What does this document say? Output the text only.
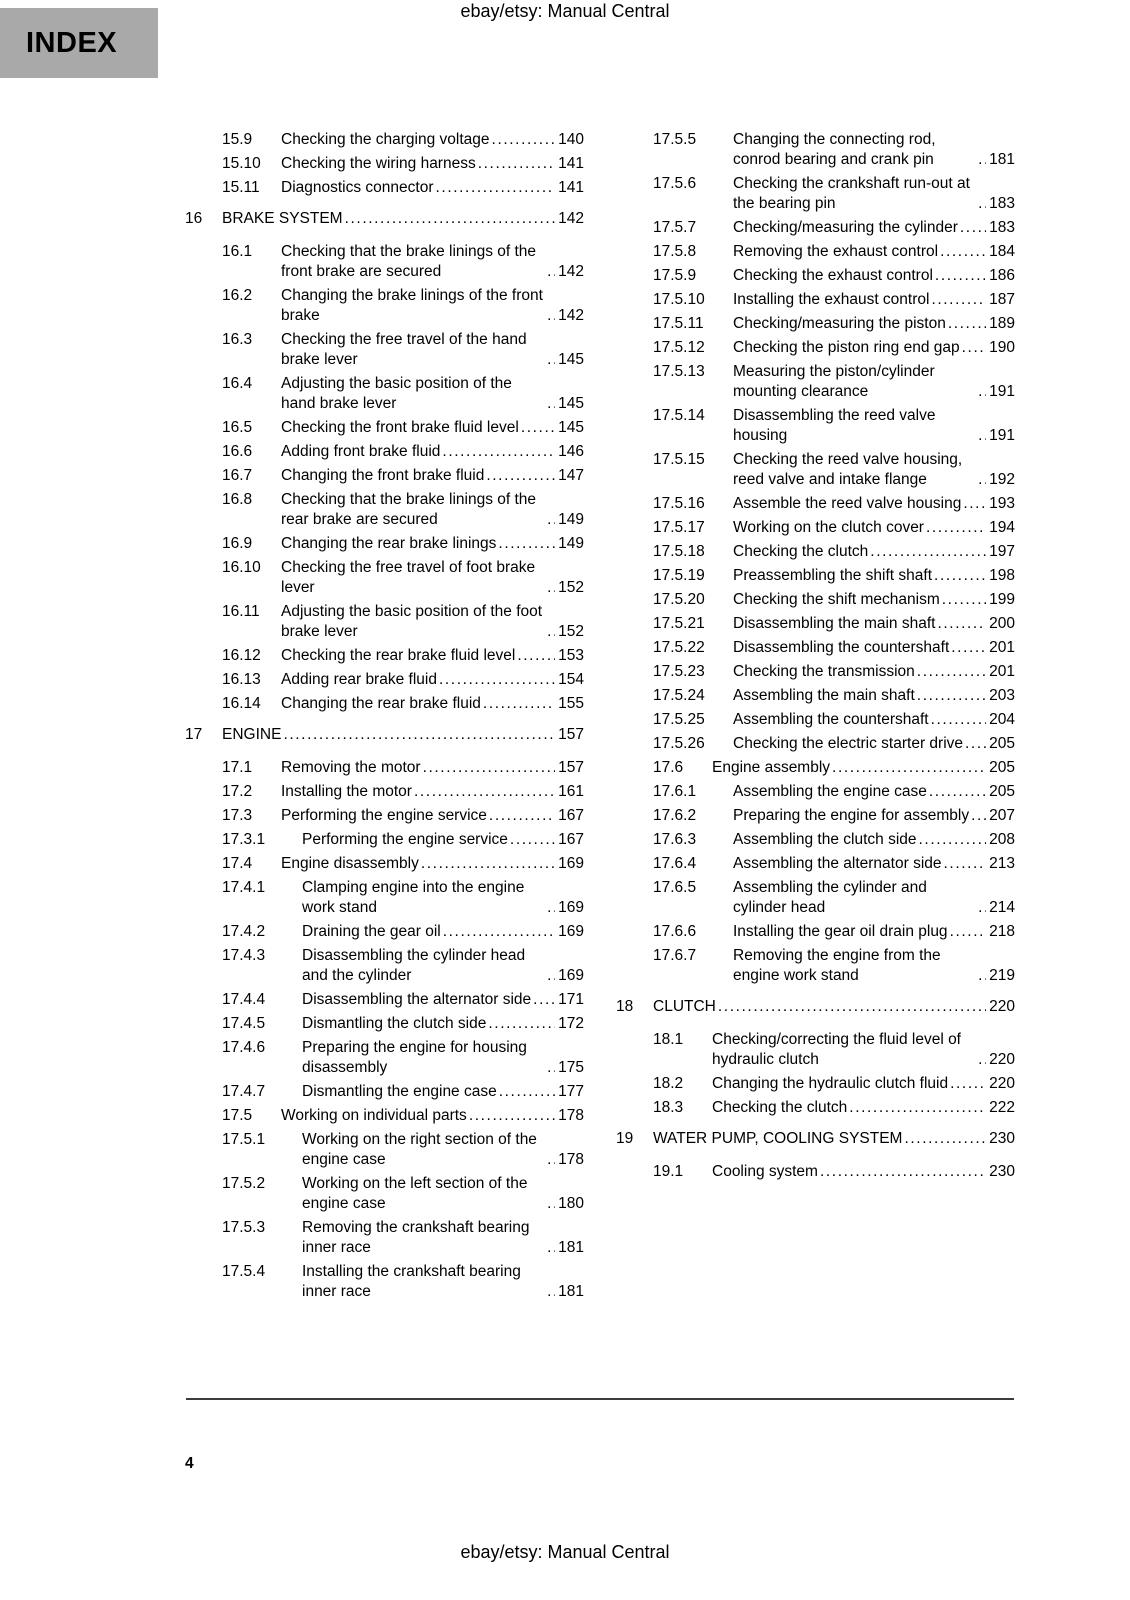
ebay/etsy: Manual Central
INDEX
15.9	Checking the charging voltage .....	140
15.10	Checking the wiring harness .....	141
15.11	Diagnostics connector .....	141
16	BRAKE SYSTEM .....	142
16.1	Checking that the brake linings of the front brake are secured .....	142
16.2	Changing the brake linings of the front brake .....	142
16.3	Checking the free travel of the hand brake lever .....	145
16.4	Adjusting the basic position of the hand brake lever .....	145
16.5	Checking the front brake fluid level .....	145
16.6	Adding front brake fluid .....	146
16.7	Changing the front brake fluid .....	147
16.8	Checking that the brake linings of the rear brake are secured .....	149
16.9	Changing the rear brake linings .....	149
16.10	Checking the free travel of foot brake lever .....	152
16.11	Adjusting the basic position of the foot brake lever .....	152
16.12	Checking the rear brake fluid level .....	153
16.13	Adding rear brake fluid .....	154
16.14	Changing the rear brake fluid .....	155
17	ENGINE .....	157
17.1	Removing the motor .....	157
17.2	Installing the motor .....	161
17.3	Performing the engine service .....	167
17.3.1	Performing the engine service .....	167
17.4	Engine disassembly .....	169
17.4.1	Clamping engine into the engine work stand .....	169
17.4.2	Draining the gear oil .....	169
17.4.3	Disassembling the cylinder head and the cylinder .....	169
17.4.4	Disassembling the alternator side ..... 171
17.4.5	Dismantling the clutch side .....	172
17.4.6	Preparing the engine for housing disassembly .....	175
17.4.7	Dismantling the engine case .....	177
17.5	Working on individual parts .....	178
17.5.1	Working on the right section of the engine case .....	178
17.5.2	Working on the left section of the engine case .....	180
17.5.3	Removing the crankshaft bearing inner race .....	181
17.5.4	Installing the crankshaft bearing inner race .....	181
17.5.5	Changing the connecting rod, conrod bearing and crank pin .....	181
17.5.6	Checking the crankshaft run-out at the bearing pin .....	183
17.5.7	Checking/measuring the cylinder ..... 183
17.5.8	Removing the exhaust control .....	184
17.5.9	Checking the exhaust control .....	186
17.5.10	Installing the exhaust control .....	187
17.5.11	Checking/measuring the piston .....	189
17.5.12	Checking the piston ring end gap ..... 190
17.5.13	Measuring the piston/cylinder mounting clearance .....	191
17.5.14	Disassembling the reed valve housing .....	191
17.5.15	Checking the reed valve housing, reed valve and intake flange .....	192
17.5.16	Assemble the reed valve housing ..... 193
17.5.17	Working on the clutch cover .....	194
17.5.18	Checking the clutch .....	197
17.5.19	Preassembling the shift shaft .....	198
17.5.20	Checking the shift mechanism .....	199
17.5.21	Disassembling the main shaft .....	200
17.5.22	Disassembling the countershaft .....	201
17.5.23	Checking the transmission .....	201
17.5.24	Assembling the main shaft .....	203
17.5.25	Assembling the countershaft .....	204
17.5.26	Checking the electric starter drive ..... 205
17.6	Engine assembly .....	205
17.6.1	Assembling the engine case .....	205
17.6.2	Preparing the engine for assembly ..... 207
17.6.3	Assembling the clutch side .....	208
17.6.4	Assembling the alternator side .....	213
17.6.5	Assembling the cylinder and cylinder head .....	214
17.6.6	Installing the gear oil drain plug .....	218
17.6.7	Removing the engine from the engine work stand .....	219
18	CLUTCH .....	220
18.1	Checking/correcting the fluid level of hydraulic clutch .....	220
18.2	Changing the hydraulic clutch fluid .....	220
18.3	Checking the clutch .....	222
19	WATER PUMP, COOLING SYSTEM .....	230
19.1	Cooling system .....	230
4
ebay/etsy: Manual Central
